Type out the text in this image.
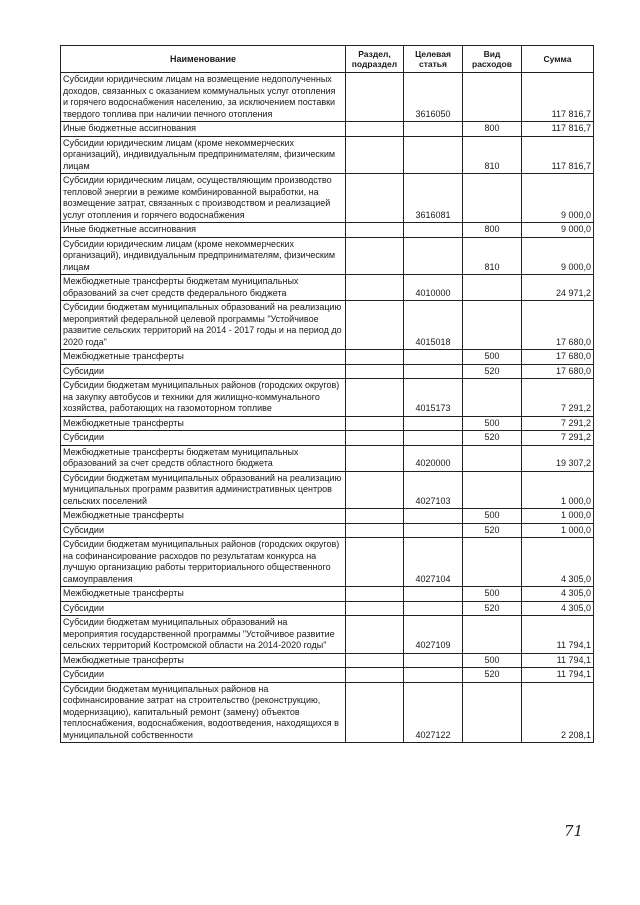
Наименование	Раздел, подраздел	Целевая статья	Вид расходов	Сумма
Субсидии юридическим лицам на возмещение недополученных доходов, связанных с оказанием коммунальных услуг отопления и горячего водоснабжения населению, за исключением поставки твердого топлива при наличии печного отопления		3616050		117 816,7
Иные бюджетные ассигнования			800	117 816,7
Субсидии юридическим лицам (кроме некоммерческих организаций), индивидуальным предпринимателям, физическим лицам			810	117 816,7
Субсидии юридическим лицам, осуществляющим производство тепловой энергии в режиме комбинированной выработки, на возмещение затрат, связанных с производством и реализацией услуг отопления и горячего водоснабжения		3616081		9 000,0
Иные бюджетные ассигнования			800	9 000,0
Субсидии юридическим лицам (кроме некоммерческих организаций), индивидуальным предпринимателям, физическим лицам			810	9 000,0
Межбюджетные трансферты бюджетам муниципальных образований за счет средств федерального бюджета		4010000		24 971,2
Субсидии бюджетам муниципальных образований на реализацию мероприятий федеральной целевой программы "Устойчивое развитие сельских территорий на 2014 - 2017 годы и на период до 2020 года"		4015018		17 680,0
Межбюджетные трансферты			500	17 680,0
Субсидии			520	17 680,0
Субсидии бюджетам муниципальных районов (городских округов) на закупку автобусов и техники для жилищно-коммунального хозяйства, работающих на газомоторном топливе		4015173		7 291,2
Межбюджетные трансферты			500	7 291,2
Субсидии			520	7 291,2
Межбюджетные трансферты бюджетам муниципальных образований за счет средств областного бюджета		4020000		19 307,2
Субсидии бюджетам муниципальных образований на реализацию муниципальных программ развития административных центров сельских поселений		4027103		1 000,0
Межбюджетные трансферты			500	1 000,0
Субсидии			520	1 000,0
Субсидии бюджетам муниципальных районов (городских округов) на софинансирование расходов по результатам конкурса на лучшую организацию работы территориального общественного самоуправления		4027104		4 305,0
Межбюджетные трансферты			500	4 305,0
Субсидии			520	4 305,0
Субсидии бюджетам муниципальных образований на мероприятия государственной программы "Устойчивое развитие сельских территорий Костромской области на 2014-2020 годы"		4027109		11 794,1
Межбюджетные трансферты			500	11 794,1
Субсидии			520	11 794,1
Субсидии бюджетам муниципальных районов на софинансирование затрат на строительство (реконструкцию, модернизацию), капитальный ремонт (замену) объектов теплоснабжения, водоснабжения, водоотведения, находящихся в муниципальной собственности		4027122		2 208,1
71
